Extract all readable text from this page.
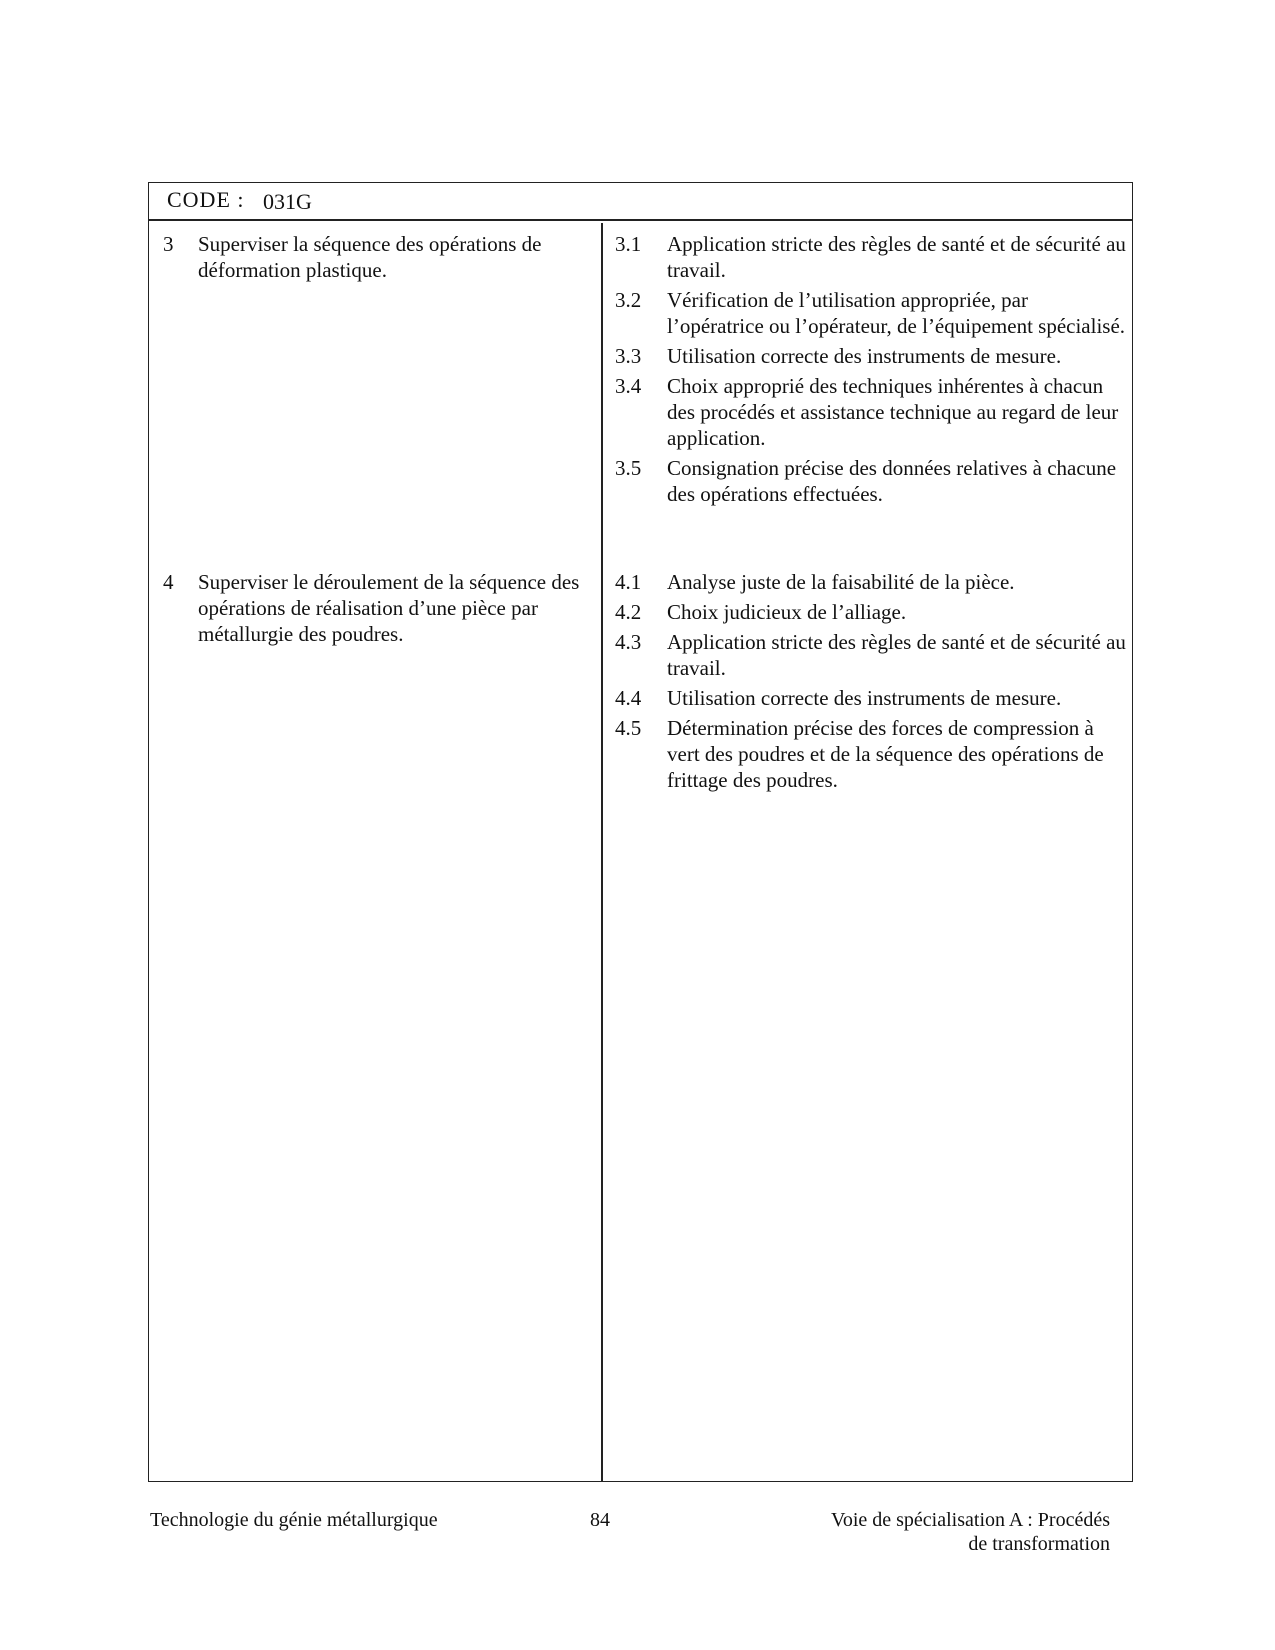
CODE : 031G
3 Superviser la séquence des opérations de déformation plastique.
4 Superviser le déroulement de la séquence des opérations de réalisation d’une pièce par métallurgie des poudres.
3.1 Application stricte des règles de santé et de sécurité au travail.
3.2 Vérification de l’utilisation appropriée, par l’opératrice ou l’opérateur, de l’équipement spécialisé.
3.3 Utilisation correcte des instruments de mesure.
3.4 Choix approprié des techniques inhérentes à chacun des procédés et assistance technique au regard de leur application.
3.5 Consignation précise des données relatives à chacune des opérations effectuées.
4.1 Analyse juste de la faisabilité de la pièce.
4.2 Choix judicieux de l’alliage.
4.3 Application stricte des règles de santé et de sécurité au travail.
4.4 Utilisation correcte des instruments de mesure.
4.5 Détermination précise des forces de compression à vert des poudres et de la séquence des opérations de frittage des poudres.
Technologie du génie métallurgique	84	Voie de spécialisation A : Procédés
de transformation
